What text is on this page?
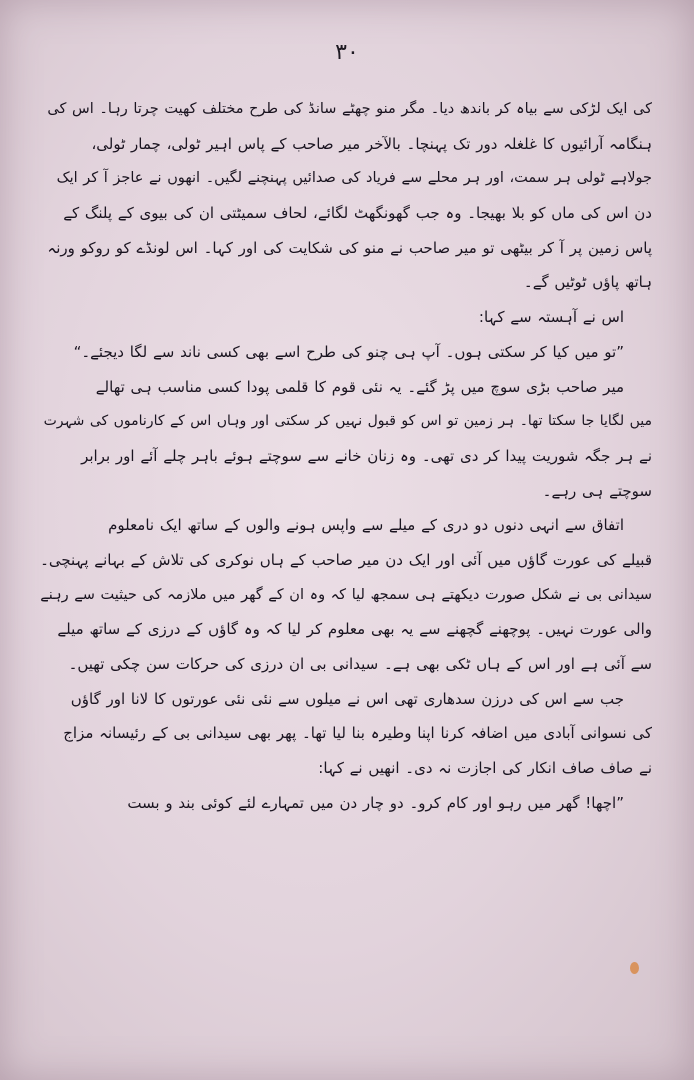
۳۰
کی ایک لڑکی سے بیاہ کر باندھ دیا۔ مگر منو چھٹے سانڈ کی طرح مختلف کھیت چرتا رہا۔ اس کی
ہنگامہ آرائیوں کا غلغلہ دور تک پہنچا۔ بالآخر میر صاحب کے پاس اہیر ٹولی، چمار ٹولی،
جولاہے ٹولی ہر سمت، اور ہر محلے سے فریاد کی صدائیں پہنچنے لگیں۔ انھوں نے عاجز آ کر ایک
دن اس کی ماں کو بلا بھیجا۔ وہ جب گھونگھٹ لگائے، لحاف سمیٹتی ان کی بیوی کے پلنگ کے
پاس زمین پر آ کر بیٹھی تو میر صاحب نے منو کی شکایت کی اور کہا۔ اس لونڈے کو روکو ورنہ
ہاتھ پاؤں ٹوٹیں گے۔
اس نے آہستہ سے کہا:
”تو میں کیا کر سکتی ہوں۔ آپ ہی چنو کی طرح اسے بھی کسی ناند سے لگا دیجئے۔“
میر صاحب بڑی سوچ میں پڑ گئے۔ یہ نئی قوم کا قلمی پودا کسی مناسب ہی تھالے
میں لگایا جا سکتا تھا۔ ہر زمین تو اس کو قبول نہیں کر سکتی اور وہاں اس کے کارناموں کی شہرت
نے ہر جگہ شوریت پیدا کر دی تھی۔ وہ زنان خانے سے سوچتے ہوئے باہر چلے آئے اور برابر
سوچتے ہی رہے۔
اتفاق سے انہی دنوں دو دری کے میلے سے واپس ہونے والوں کے ساتھ ایک نامعلوم
قبیلے کی عورت گاؤں میں آئی اور ایک دن میر صاحب کے ہاں نوکری کی تلاش کے بہانے پہنچی۔
سیدانی بی نے شکل صورت دیکھتے ہی سمجھ لیا کہ وہ ان کے گھر میں ملازمہ کی حیثیت سے رہنے
والی عورت نہیں۔ پوچھنے گچھنے سے یہ بھی معلوم کر لیا کہ وہ گاؤں کے درزی کے ساتھ میلے
سے آئی ہے اور اس کے ہاں ٹکی بھی ہے۔ سیدانی بی ان درزی کی حرکات سن چکی تھیں۔
جب سے اس کی درزن سدھاری تھی اس نے میلوں سے نئی نئی عورتوں کا لانا اور گاؤں
کی نسوانی آبادی میں اضافہ کرنا اپنا وطیرہ بنا لیا تھا۔ پھر بھی سیدانی بی کے رئیسانہ مزاج
نے صاف صاف انکار کی اجازت نہ دی۔ انھیں نے کہا:
”اچھا! گھر میں رہو اور کام کرو۔ دو چار دن میں تمہارے لئے کوئی بند و بست
